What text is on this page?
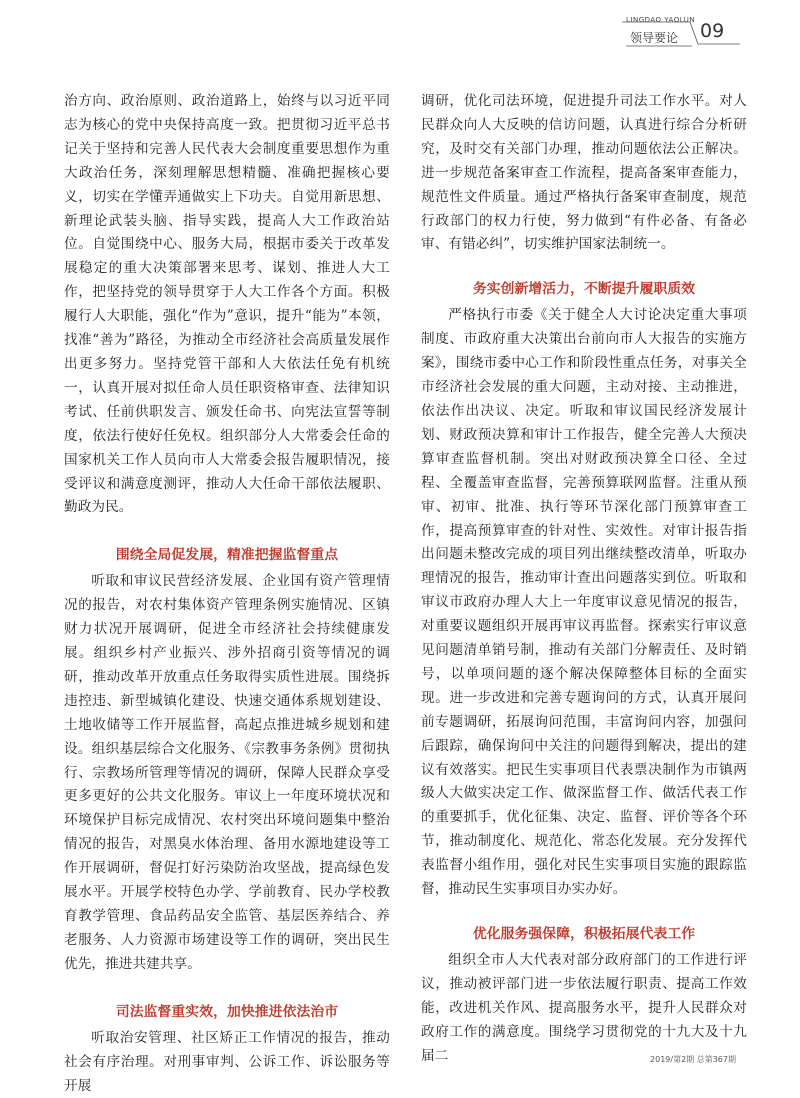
LINGDAO YAOLUN
领导要论 09

治方向、政治原则、政治道路上，始终与以习近平同志为核心的党中央保持高度一致。把贯彻习近平总书记关于坚持和完善人民代表大会制度重要思想作为重大政治任务，深刻理解思想精髓、准确把握核心要义，切实在学懂弄通做实上下功夫。自觉用新思想、新理论武装头脑、指导实践，提高人大工作政治站位。自觉围绕中心、服务大局，根据市委关于改革发展稳定的重大决策部署来思考、谋划、推进人大工作，把坚持党的领导贯穿于人大工作各个方面。积极履行人大职能，强化“作为”意识，提升“能为”本领，找准“善为”路径，为推动全市经济社会高质量发展作出更多努力。坚持党管干部和人大依法任免有机统一，认真开展对拟任命人员任职资格审查、法律知识考试、任前供职发言、颁发任命书、向宪法宣誓等制度，依法行使好任免权。组织部分人大常委会任命的国家机关工作人员向市人大常委会报告履职情况，接受评议和满意度测评，推动人大任命干部依法履职、勤政为民。

围绕全局促发展，精准把握监督重点

听取和审议民营经济发展、企业国有资产管理情况的报告，对农村集体资产管理条例实施情况、区镇财力状况开展调研，促进全市经济社会持续健康发展。组织乡村产业振兴、涉外招商引资等情况的调研，推动改革开放重点任务取得实质性进展。围绕拆违控违、新型城镇化建设、快速交通体系规划建设、土地收储等工作开展监督，高起点推进城乡规划和建设。组织基层综合文化服务、《宗教事务条例》贯彻执行、宗教场所管理等情况的调研，保障人民群众享受更多更好的公共文化服务。审议上一年度环境状况和环境保护目标完成情况、农村突出环境问题集中整治情况的报告，对黑臭水体治理、备用水源地建设等工作开展调研，督促打好污染防治攻坚战，提高绿色发展水平。开展学校特色办学、学前教育、民办学校教育教学管理、食品药品安全监管、基层医养结合、养老服务、人力资源市场建设等工作的调研，突出民生优先，推进共建共享。

司法监督重实效，加快推进依法治市

听取治安管理、社区矫正工作情况的报告，推动社会有序治理。对刑事审判、公诉工作、诉讼服务等开展

调研，优化司法环境，促进提升司法工作水平。对人民群众向人大反映的信访问题，认真进行综合分析研究，及时交有关部门办理，推动问题依法公正解决。进一步规范备案审查工作流程，提高备案审查能力，规范性文件质量。通过严格执行备案审查制度，规范行政部门的权力行使，努力做到“有件必备、有备必审、有错必纠”，切实维护国家法制统一。

务实创新增活力，不断提升履职质效

严格执行市委《关于健全人大讨论决定重大事项制度、市政府重大决策出台前向市人大报告的实施方案》，围绕市委中心工作和阶段性重点任务，对事关全市经济社会发展的重大问题，主动对接、主动推进，依法作出决议、决定。听取和审议国民经济发展计划、财政预决算和审计工作报告，健全完善人大预决算审查监督机制。突出对财政预决算全口径、全过程、全覆盖审查监督，完善预算联网监督。注重从预审、初审、批准、执行等环节深化部门预算审查工作，提高预算审查的针对性、实效性。对审计报告指出问题未整改完成的项目列出继续整改清单，听取办理情况的报告，推动审计查出问题落实到位。听取和审议市政府办理人大上一年度审议意见情况的报告，对重要议题组织开展再审议再监督。探索实行审议意见问题清单销号制，推动有关部门分解责任、及时销号，以单项问题的逐个解决保障整体目标的全面实现。进一步改进和完善专题询问的方式，认真开展问前专题调研，拓展询问范围，丰富询问内容，加强问后跟踪，确保询问中关注的问题得到解决，提出的建议有效落实。把民生实事项目代表票决制作为市镇两级人大做实决定工作、做深监督工作、做活代表工作的重要抓手，优化征集、决定、监督、评价等各个环节，推动制度化、规范化、常态化发展。充分发挥代表监督小组作用，强化对民生实事项目实施的跟踪监督，推动民生实事项目办实办好。

优化服务强保障，积极拓展代表工作

组织全市人大代表对部分政府部门的工作进行评议，推动被评部门进一步依法履行职责、提高工作效能，改进机关作风、提高服务水平，提升人民群众对政府工作的满意度。围绕学习贯彻党的十九大及十九届二	2019/第2期 总第367期
